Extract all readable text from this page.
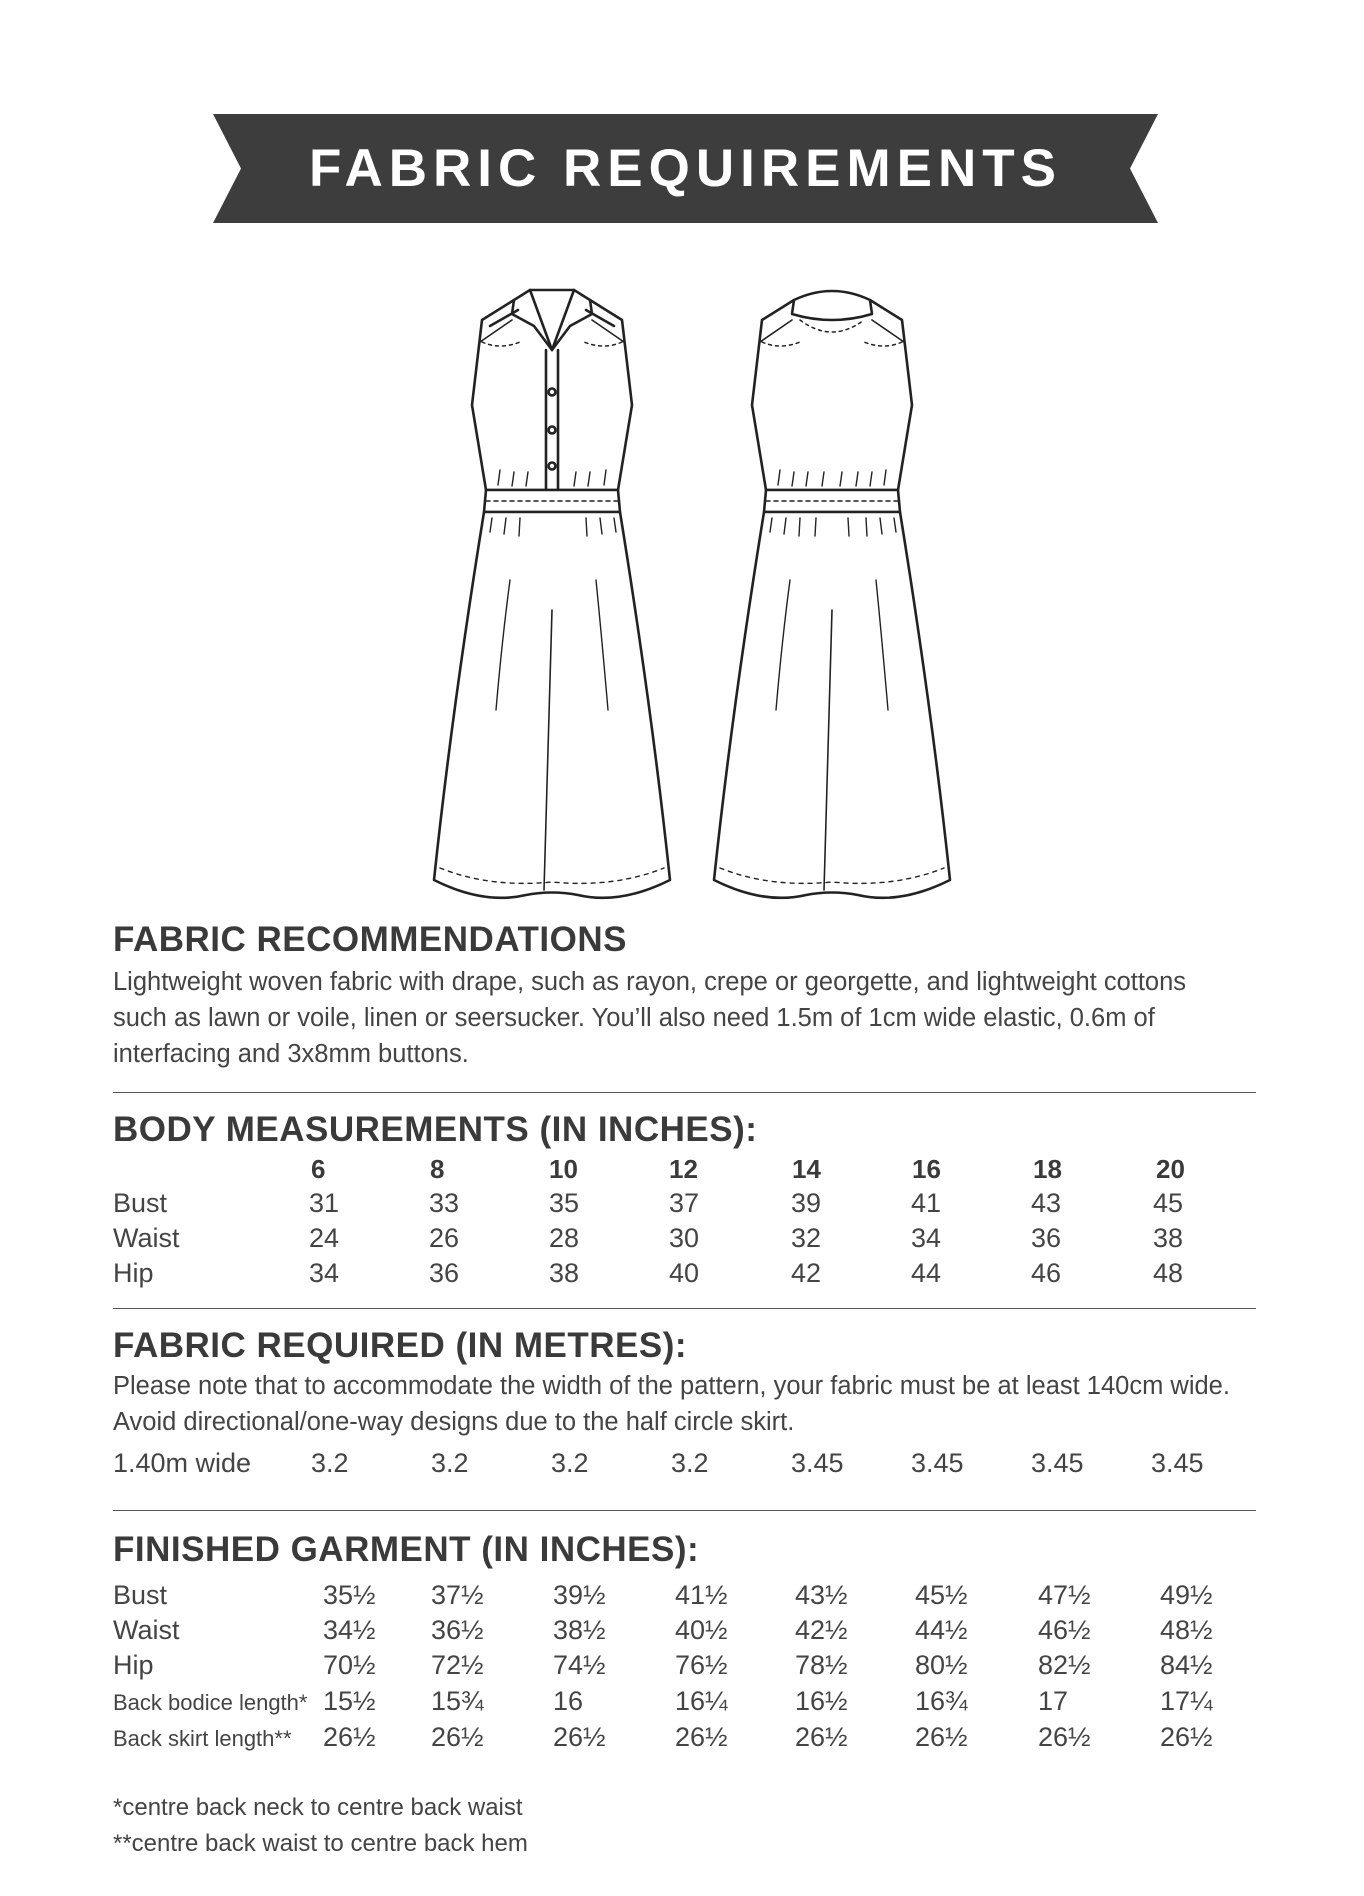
FABRIC REQUIREMENTS
FABRIC RECOMMENDATIONS
Lightweight woven fabric with drape, such as rayon, crepe or georgette, and lightweight cottons
such as lawn or voile, linen or seersucker. You’ll also need 1.5m of 1cm wide elastic, 0.6m of
interfacing and 3x8mm buttons.
BODY MEASUREMENTS (IN INCHES):
6	8	10	12	14	16	18	20
Bust	31	33	35	37	39	41	43	45
Waist	24	26	28	30	32	34	36	38
Hip	34	36	38	40	42	44	46	48
FABRIC REQUIRED (IN METRES):
Please note that to accommodate the width of the pattern, your fabric must be at least 140cm wide.
Avoid directional/one-way designs due to the half circle skirt.
1.40m wide 3.2	3.2	3.2	3.2	3.45 3.45 3.45 3.45
FINISHED GARMENT (IN INCHES):
Bust	35½ 37½	39½	41½ 43½ 45½	47½	49½
Waist	34½ 36½	38½	40½ 42½ 44½	46½	48½
Hip	70½ 72½	74½	76½ 78½ 80½	82½	84½
Back bodice length* 15½ 15¾	16	16¼ 16½ 16¾	17	17¼
Back skirt length** 26½ 26½	26½	26½ 26½ 26½	26½	26½
*centre back neck to centre back waist
**centre back waist to centre back hem
